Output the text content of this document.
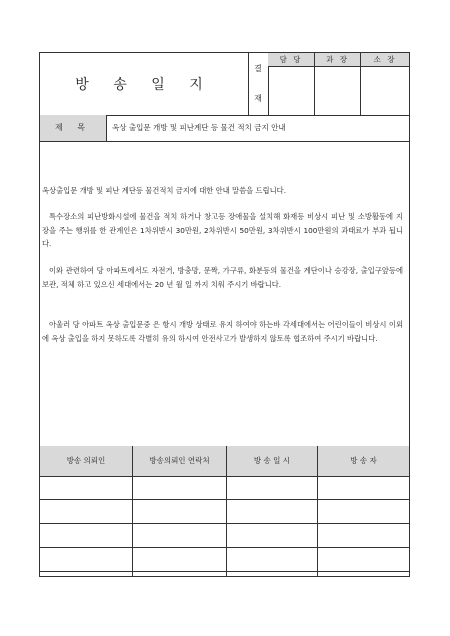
방 송 일 지
결
재
담 당	과 장	소 장
제 목	옥상 출입문 개방 및 피난계단 등 물건 적치 금지 안내
옥상출입문 개방 및 피난 계단등 물건적치 금지에 대한 안내 말씀을 드립니다.
특수장소의 피난방화시설에 물건을 적치 하거나 창고등 장애물을 설치해 화재등 비상시 피난 및 소방활동에 지장을 주는 행위를 한 관계인은 1차위반시 30만원, 2차위반시 50만원, 3차위반시 100만원의 과태료가 부과 됩니다.
이와 관련하여 당 아파트에서도 자전거, 방충망, 문짝, 가구류, 화분등의 물건을 계단이나 승강장, 출입구앞등에 보관, 적체 하고 있으신 세대에서는 20 년 월 일 까지 치워 주시기 바랍니다.
아울러 당 아파트 옥상 출입문중 은 항시 개방 상태로 유지 하여야 하는바 각세대에서는 어린이들이 비상시 이외에 옥상 출입을 하지 못하도록 각별히 유의 하시여 안전사고가 발생하지 않토록 협조하여 주시기 바랍니다.
방송 의뢰인	방송의뢰인 연락처	방 송 일 시	방 송 자
